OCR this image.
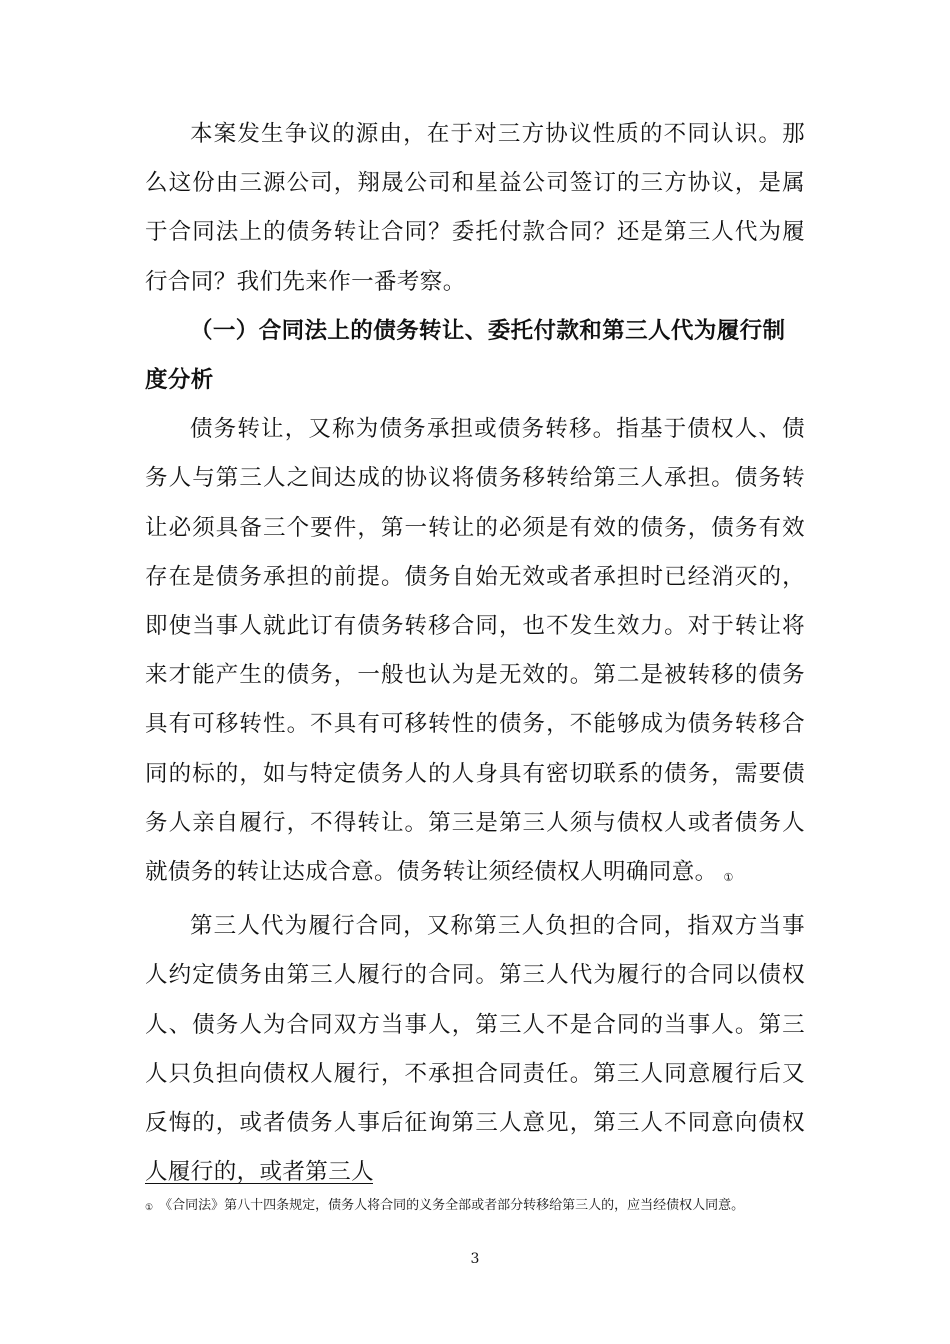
本案发生争议的源由，在于对三方协议性质的不同认识。那么这份由三源公司，翔晟公司和星益公司签订的三方协议，是属于合同法上的债务转让合同？委托付款合同？还是第三人代为履行合同？我们先来作一番考察。

（一）合同法上的债务转让、委托付款和第三人代为履行制度分析

债务转让，又称为债务承担或债务转移。指基于债权人、债务人与第三人之间达成的协议将债务移转给第三人承担。债务转让必须具备三个要件，第一转让的必须是有效的债务，债务有效存在是债务承担的前提。债务自始无效或者承担时已经消灭的，即使当事人就此订有债务转移合同，也不发生效力。对于转让将来才能产生的债务，一般也认为是无效的。第二是被转移的债务具有可移转性。不具有可移转性的债务，不能够成为债务转移合同的标的，如与特定债务人的人身具有密切联系的债务，需要债务人亲自履行，不得转让。第三是第三人须与债权人或者债务人就债务的转让达成合意。债务转让须经债权人明确同意。 ①

第三人代为履行合同，又称第三人负担的合同，指双方当事人约定债务由第三人履行的合同。第三人代为履行的合同以债权人、债务人为合同双方当事人，第三人不是合同的当事人。第三人只负担向债权人履行，不承担合同责任。第三人同意履行后又反悔的，或者债务人事后征询第三人意见，第三人不同意向债权人履行的，或者第三人

① 《合同法》第八十四条规定，债务人将合同的义务全部或者部分转移给第三人的，应当经债权人同意。
3
